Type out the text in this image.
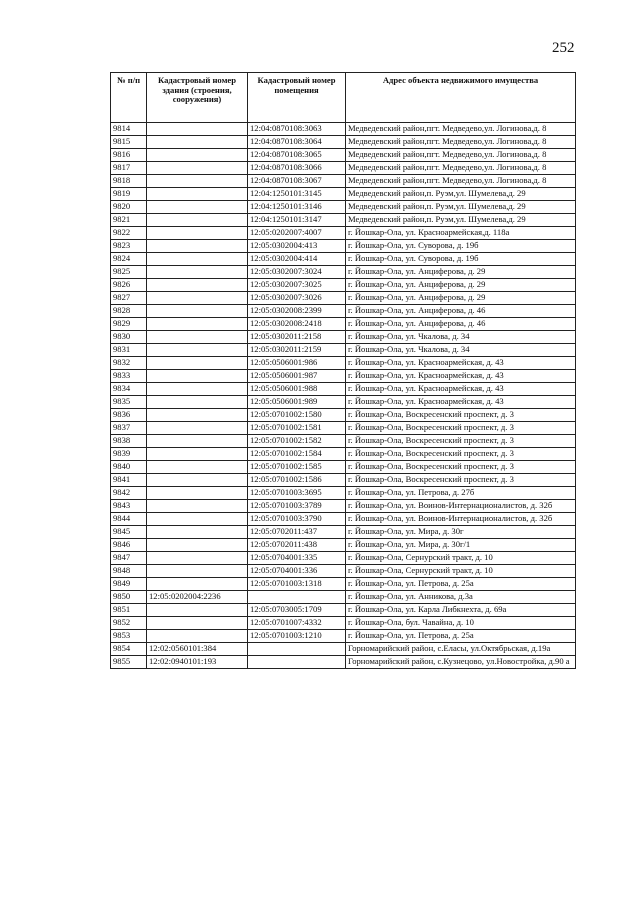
252
№ п/п	Кадастровый номер здания (строения, сооружения)	Кадастровый номер помещения	Адрес объекта недвижимого имущества
9814		12:04:0870108:3063	Медведевский район,пгт. Медведево,ул. Логинова,д. 8
9815		12:04:0870108:3064	Медведевский район,пгт. Медведево,ул. Логинова,д. 8
9816		12:04:0870108:3065	Медведевский район,пгт. Медведево,ул. Логинова,д. 8
9817		12:04:0870108:3066	Медведевский район,пгт. Медведево,ул. Логинова,д. 8
9818		12:04:0870108:3067	Медведевский район,пгт. Медведево,ул. Логинова,д. 8
9819		12:04:1250101:3145	Медведевский район,п. Руэм,ул. Шумелева,д. 29
9820		12:04:1250101:3146	Медведевский район,п. Руэм,ул. Шумелева,д. 29
9821		12:04:1250101:3147	Медведевский район,п. Руэм,ул. Шумелева,д. 29
9822		12:05:0202007:4007	г. Йошкар-Ола, ул. Красноармейская,д. 118а
9823		12:05:0302004:413	г. Йошкар-Ола, ул. Суворова, д. 19б
9824		12:05:0302004:414	г. Йошкар-Ола, ул. Суворова, д. 19б
9825		12:05:0302007:3024	г. Йошкар-Ола, ул. Анциферова, д. 29
9826		12:05:0302007:3025	г. Йошкар-Ола, ул. Анциферова, д. 29
9827		12:05:0302007:3026	г. Йошкар-Ола, ул. Анциферова, д. 29
9828		12:05:0302008:2399	г. Йошкар-Ола, ул. Анциферова, д. 46
9829		12:05:0302008:2418	г. Йошкар-Ола, ул. Анциферова, д. 46
9830		12:05:0302011:2158	г. Йошкар-Ола, ул. Чкалова, д. 34
9831		12:05:0302011:2159	г. Йошкар-Ола, ул. Чкалова, д. 34
9832		12:05:0506001:986	г. Йошкар-Ола, ул. Красноармейская, д. 43
9833		12:05:0506001:987	г. Йошкар-Ола, ул. Красноармейская, д. 43
9834		12:05:0506001:988	г. Йошкар-Ола, ул. Красноармейская, д. 43
9835		12:05:0506001:989	г. Йошкар-Ола, ул. Красноармейская, д. 43
9836		12:05:0701002:1580	г. Йошкар-Ола, Воскресенский проспект, д. 3
9837		12:05:0701002:1581	г. Йошкар-Ола, Воскресенский проспект, д. 3
9838		12:05:0701002:1582	г. Йошкар-Ола, Воскресенский проспект, д. 3
9839		12:05:0701002:1584	г. Йошкар-Ола, Воскресенский проспект, д. 3
9840		12:05:0701002:1585	г. Йошкар-Ола, Воскресенский проспект, д. 3
9841		12:05:0701002:1586	г. Йошкар-Ола, Воскресенский проспект, д. 3
9842		12:05:0701003:3695	г. Йошкар-Ола, ул. Петрова, д. 27б
9843		12:05:0701003:3789	г. Йошкар-Ола, ул. Воинов-Интернационалистов, д. 32б
9844		12:05:0701003:3790	г. Йошкар-Ола, ул. Воинов-Интернационалистов, д. 32б
9845		12:05:0702011:437	г. Йошкар-Ола, ул. Мира, д. 30г
9846		12:05:0702011:438	г. Йошкар-Ола, ул. Мира, д. 30г/1
9847		12:05:0704001:335	г. Йошкар-Ола, Сернурский тракт, д. 10
9848		12:05:0704001:336	г. Йошкар-Ола, Сернурский тракт, д. 10
9849		12:05:0701003:1318	г. Йошкар-Ола, ул. Петрова, д. 25а
9850	12:05:0202004:2236		г. Йошкар-Ола, ул. Анникова, д.3а
9851		12:05:0703005:1709	г. Йошкар-Ола, ул. Карла Либкнехта, д. 69а
9852		12:05:0701007:4332	г. Йошкар-Ола, бул. Чавайна, д. 10
9853		12:05:0701003:1210	г. Йошкар-Ола, ул. Петрова, д. 25а
9854	12:02:0560101:384		Горномарийский район, с.Еласы, ул.Октябрьская, д.19а
9855	12:02:0940101:193		Горномарийский район, с.Кузнецово, ул.Новостройка, д.90 а
